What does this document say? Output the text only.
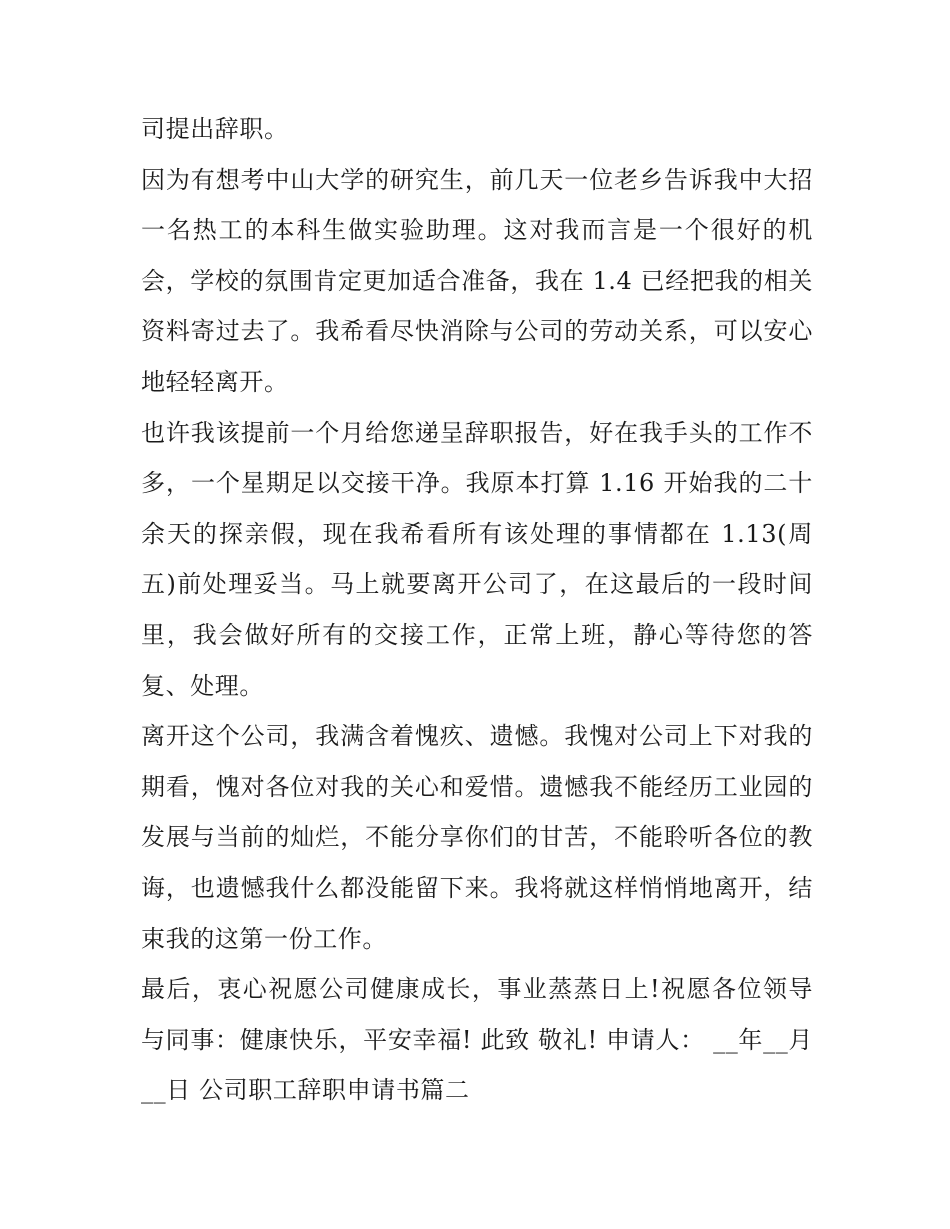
司提出辞职。

因为有想考中山大学的研究生，前几天一位老乡告诉我中大招一名热工的本科生做实验助理。这对我而言是一个很好的机会，学校的氛围肯定更加适合准备，我在 1.4 已经把我的相关资料寄过去了。我希看尽快消除与公司的劳动关系，可以安心地轻轻离开。

也许我该提前一个月给您递呈辞职报告，好在我手头的工作不多，一个星期足以交接干净。我原本打算 1.16 开始我的二十余天的探亲假，现在我希看所有该处理的事情都在 1.13(周五)前处理妥当。马上就要离开公司了，在这最后的一段时间里，我会做好所有的交接工作，正常上班，静心等待您的答复、处理。

离开这个公司，我满含着愧疚、遗憾。我愧对公司上下对我的期看，愧对各位对我的关心和爱惜。遗憾我不能经历工业园的发展与当前的灿烂，不能分享你们的甘苦，不能聆听各位的教诲，也遗憾我什么都没能留下来。我将就这样悄悄地离开，结束我的这第一份工作。

最后，衷心祝愿公司健康成长，事业蒸蒸日上!祝愿各位领导与同事：健康快乐，平安幸福! 此致 敬礼! 申请人： __年__月__日 公司职工辞职申请书篇二
